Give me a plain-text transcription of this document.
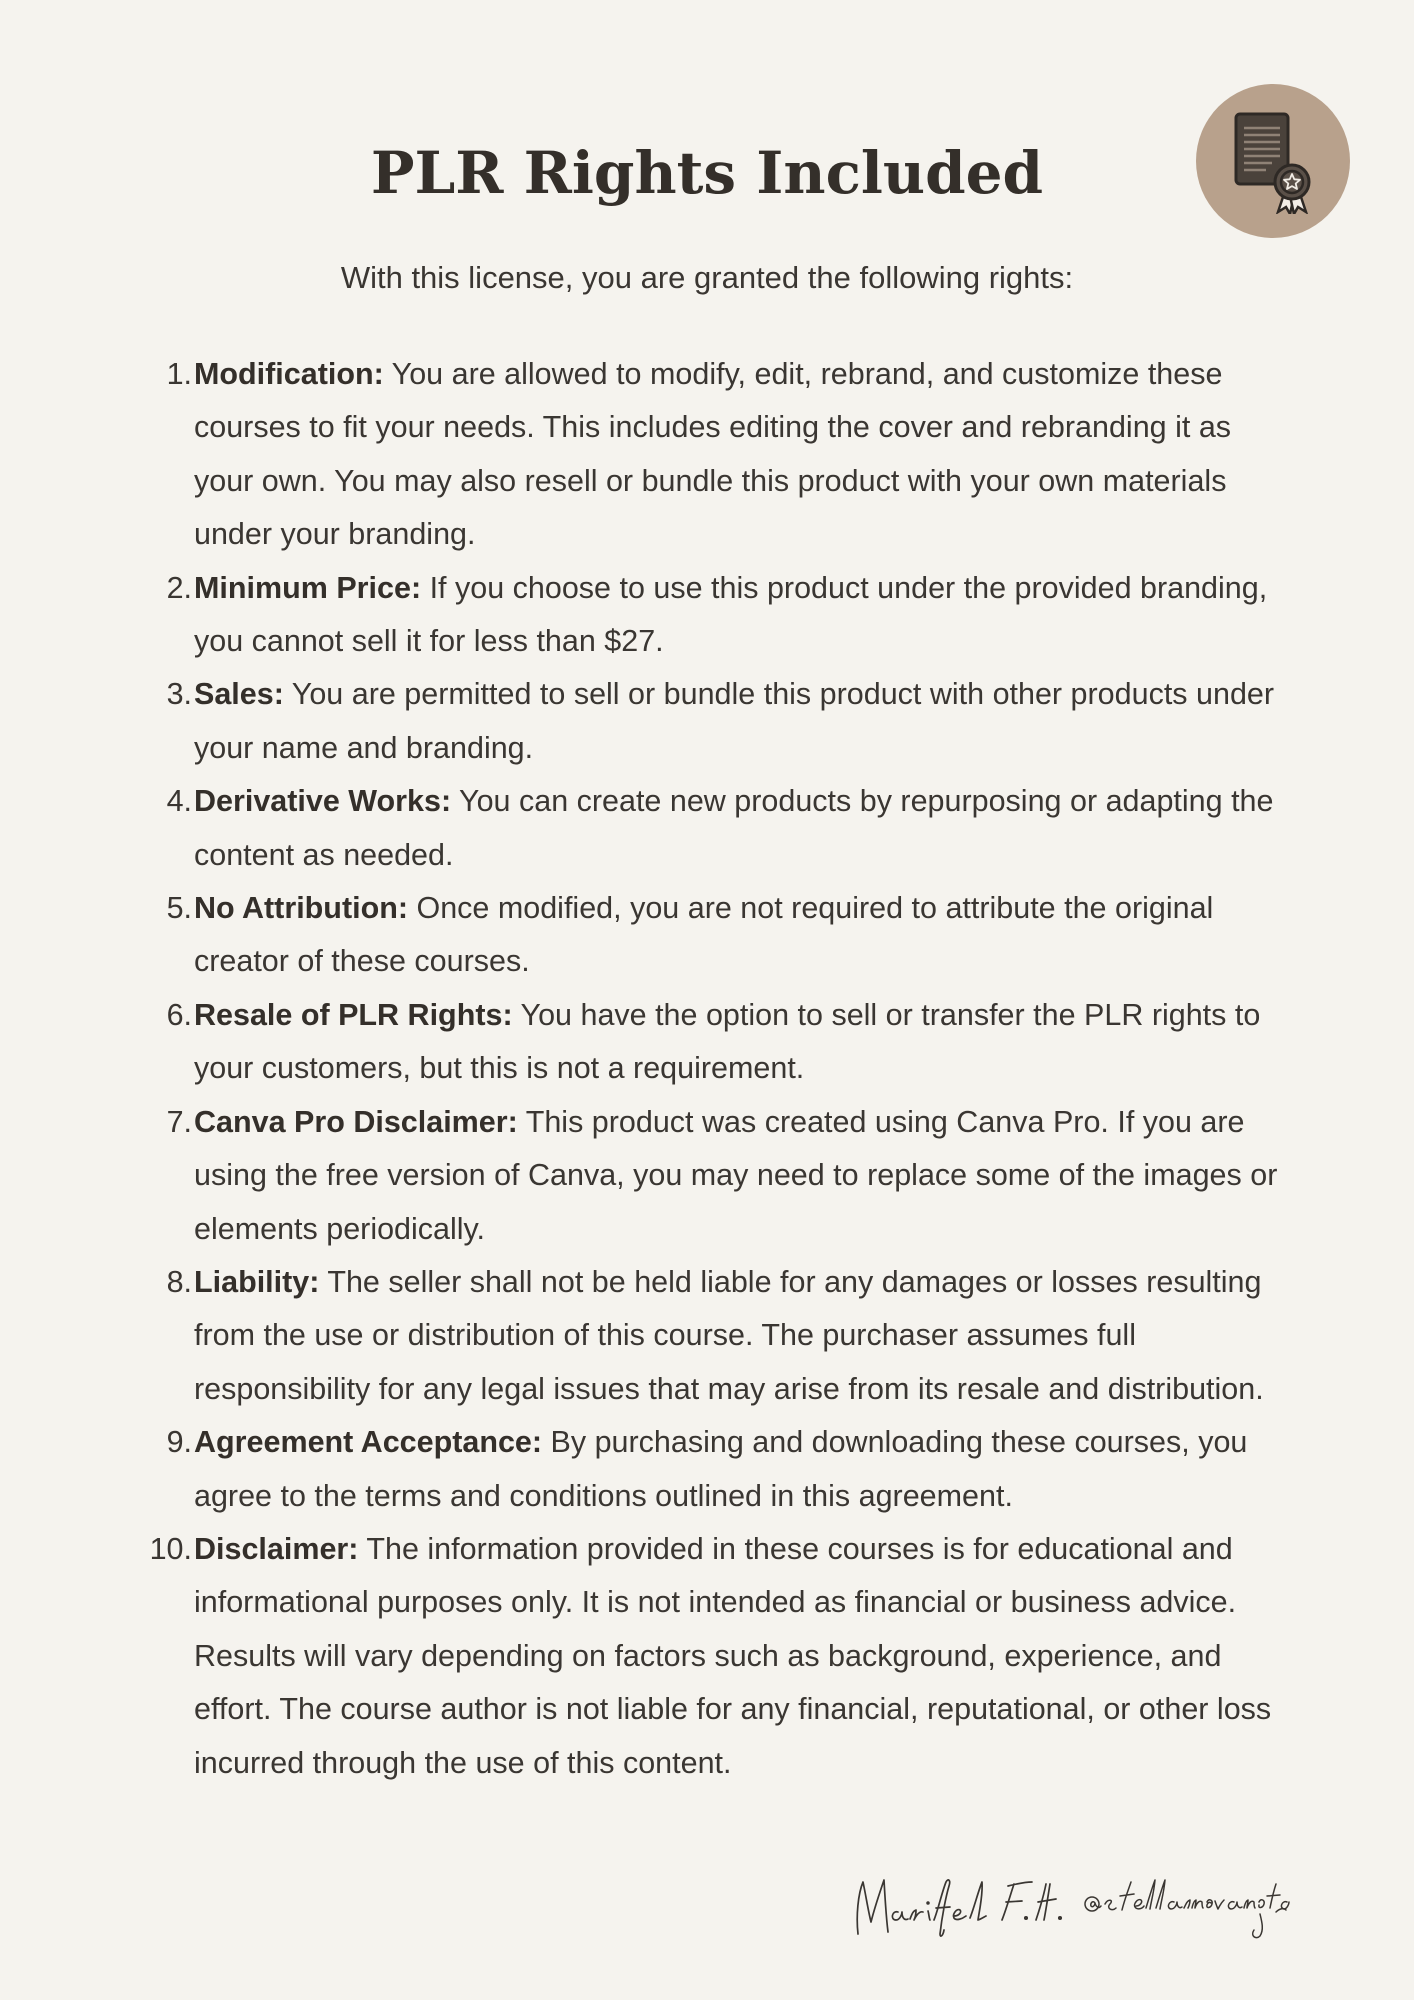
PLR Rights Included

With this license, you are granted the following rights:

1. Modification: You are allowed to modify, edit, rebrand, and customize these courses to fit your needs. This includes editing the cover and rebranding it as your own. You may also resell or bundle this product with your own materials under your branding.
2. Minimum Price: If you choose to use this product under the provided branding, you cannot sell it for less than $27.
3. Sales: You are permitted to sell or bundle this product with other products under your name and branding.
4. Derivative Works: You can create new products by repurposing or adapting the content as needed.
5. No Attribution: Once modified, you are not required to attribute the original creator of these courses.
6. Resale of PLR Rights: You have the option to sell or transfer the PLR rights to your customers, but this is not a requirement.
7. Canva Pro Disclaimer: This product was created using Canva Pro. If you are using the free version of Canva, you may need to replace some of the images or elements periodically.
8. Liability: The seller shall not be held liable for any damages or losses resulting from the use or distribution of this course. The purchaser assumes full responsibility for any legal issues that may arise from its resale and distribution.
9. Agreement Acceptance: By purchasing and downloading these courses, you agree to the terms and conditions outlined in this agreement.
10. Disclaimer: The information provided in these courses is for educational and informational purposes only. It is not intended as financial or business advice. Results will vary depending on factors such as background, experience, and effort. The course author is not liable for any financial, reputational, or other loss incurred through the use of this content.
